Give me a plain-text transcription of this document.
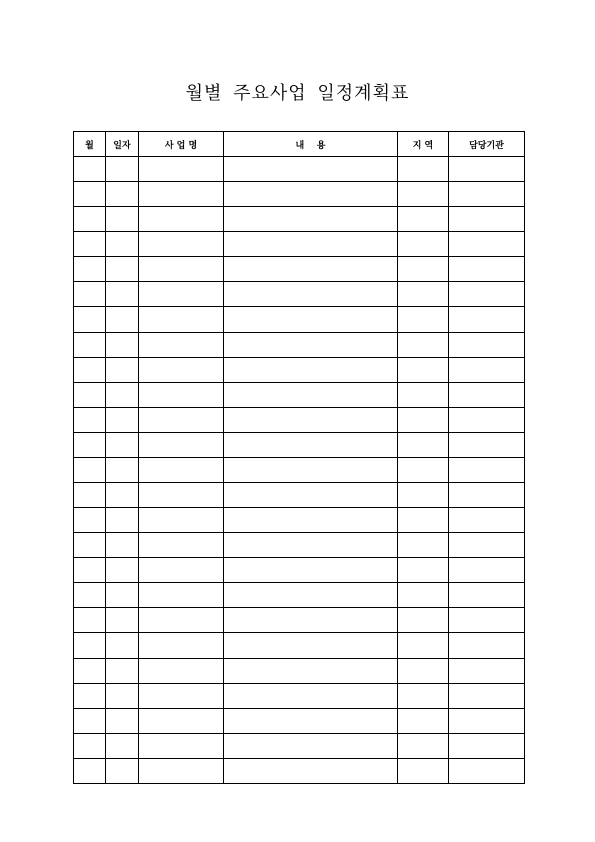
월별 주요사업 일정계획표
월	일자	사 업 명	내    용	지 역	담당기관
